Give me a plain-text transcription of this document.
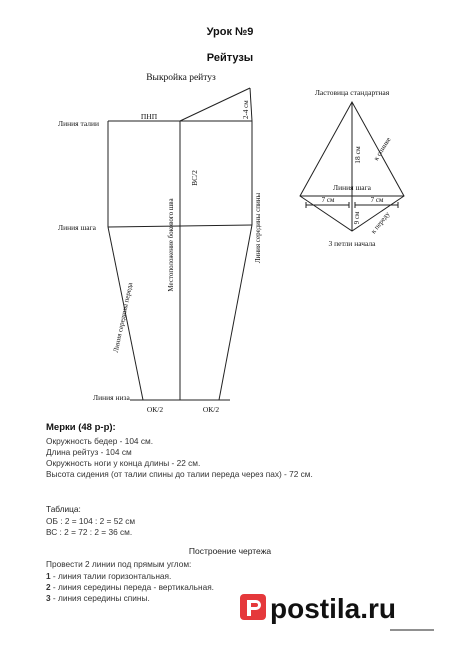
Урок №9
Рейтузы
Выкройка рейтуз
Линия талии
ПНП	2-4 см
Линия шага	Местоположение бокового шва
ВС/2
Линия середины спины
Линия середины переда
Линия низа
ОК/2	ОК/2
Ластовица стандартная
18 см к спинке
Линия шага
7 см	7 см
9 см к переду
3 петли начала
Мерки (48 р-р):
Окружность бедер - 104 см.
Длина рейтуз - 104 см
Окружность ноги у конца длины - 22 см.
Высота сидения (от талии спины до талии переда через пах) - 72 см.
Таблица:
ОБ : 2 = 104 : 2 = 52 см
ВС : 2 = 72 : 2 = 36 см.
Построение чертежа
Провести 2 линии под прямым углом:
1 - линия талии горизонтальная.
2 - линия середины переда - вертикальная.
3 - линия середины спины.	postila.ru
